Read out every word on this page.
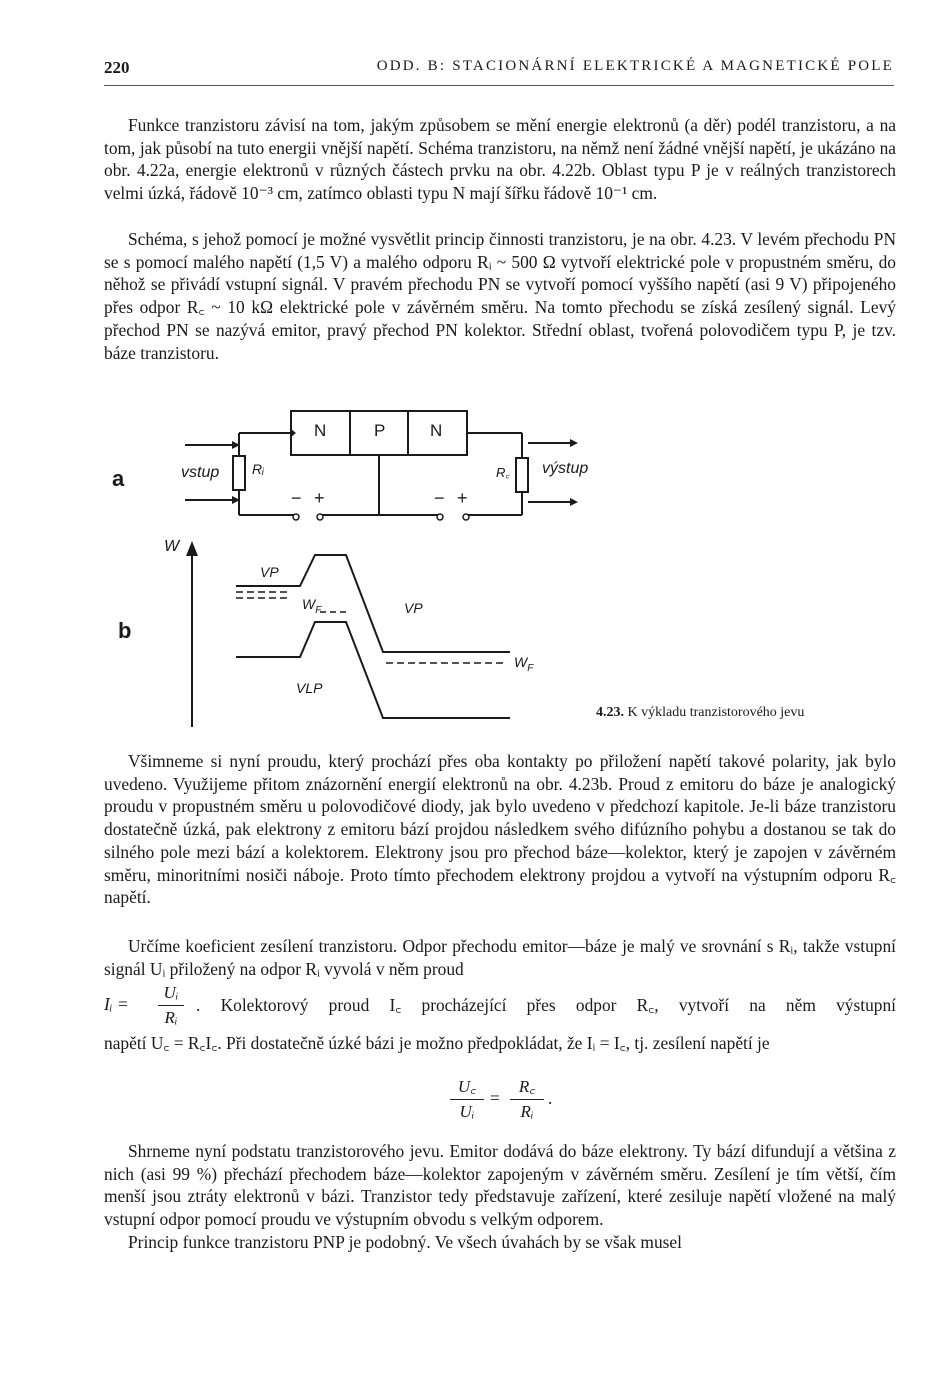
220	ODD. B: STACIONÁRNÍ ELEKTRICKÉ A MAGNETICKÉ POLE

Funkce tranzistoru závisí na tom, jakým způsobem se mění energie elektronů (a děr) podél tranzistoru, a na tom, jak působí na tuto energii vnější napětí. Schéma tranzistoru, na němž není žádné vnější napětí, je ukázáno na obr. 4.22a, energie elektronů v různých částech prvku na obr. 4.22b. Oblast typu P je v reálných tranzistorech velmi úzká, řádově 10⁻³ cm, zatímco oblasti typu N mají šířku řádově 10⁻¹ cm.

Schéma, s jehož pomocí je možné vysvětlit princip činnosti tranzistoru, je na obr. 4.23. V levém přechodu PN se s pomocí malého napětí (1,5 V) a malého odporu Rᵢ ~ 500 Ω vytvoří elektrické pole v propustném směru, do něhož se přivádí vstupní signál. V pravém přechodu PN se vytvoří pomocí vyššího napětí (asi 9 V) připojeného přes odpor R꜀ ~ 10 kΩ elektrické pole v závěrném směru. Na tomto přechodu se získá zesílený signál. Levý přechod PN se nazývá emitor, pravý přechod PN kolektor. Střední oblast, tvořená polovodičem typu P, je tzv. báze tranzistoru.

a
b
N	P	N
vstup	výstup
Rᵢ	R꜀
− +	− +
W
VP
$W_F$	VP
$W_F$
VLP
4.23. K výkladu tranzistorového jevu

Všimneme si nyní proudu, který prochází přes oba kontakty po přiložení napětí takové polarity, jak bylo uvedeno. Využijeme přitom znázornění energií elektronů na obr. 4.23b. Proud z emitoru do báze je analogický proudu v propustném směru u polovodičové diody, jak bylo uvedeno v předchozí kapitole. Je-li báze tranzistoru dostatečně úzká, pak elektrony z emitoru bází projdou následkem svého difúzního pohybu a dostanou se tak do silného pole mezi bází a kolektorem. Elektrony jsou pro přechod báze—kolektor, který je zapojen v závěrném směru, minoritními nosiči náboje. Proto tímto přechodem elektrony projdou a vytvoří na výstupním odporu R꜀ napětí.

Určíme koeficient zesílení tranzistoru. Odpor přechodu emitor—báze je malý ve srovnání s Rᵢ, takže vstupní signál Uᵢ přiložený na odpor Rᵢ vyvolá v něm proud

Iᵢ =
Uᵢ
Rᵢ
. Kolektorový proud I꜀ procházející přes odpor R꜀, vytvoří na něm výstupní
napětí U꜀ = R꜀I꜀. Při dostatečně úzké bázi je možno předpokládat, že Iᵢ = I꜀, tj. zesílení napětí je
U꜀
Uᵢ
=
R꜀
Rᵢ
.

Shrneme nyní podstatu tranzistorového jevu. Emitor dodává do báze elektrony. Ty bází difundují a většina z nich (asi 99 %) přechází přechodem báze—kolektor zapojeným v závěrném směru. Zesílení je tím větší, čím menší jsou ztráty elektronů v bázi. Tranzistor tedy představuje zařízení, které zesiluje napětí vložené na malý vstupní odpor pomocí proudu ve výstupním obvodu s velkým odporem.

Princip funkce tranzistoru PNP je podobný. Ve všech úvahách by se však musel
